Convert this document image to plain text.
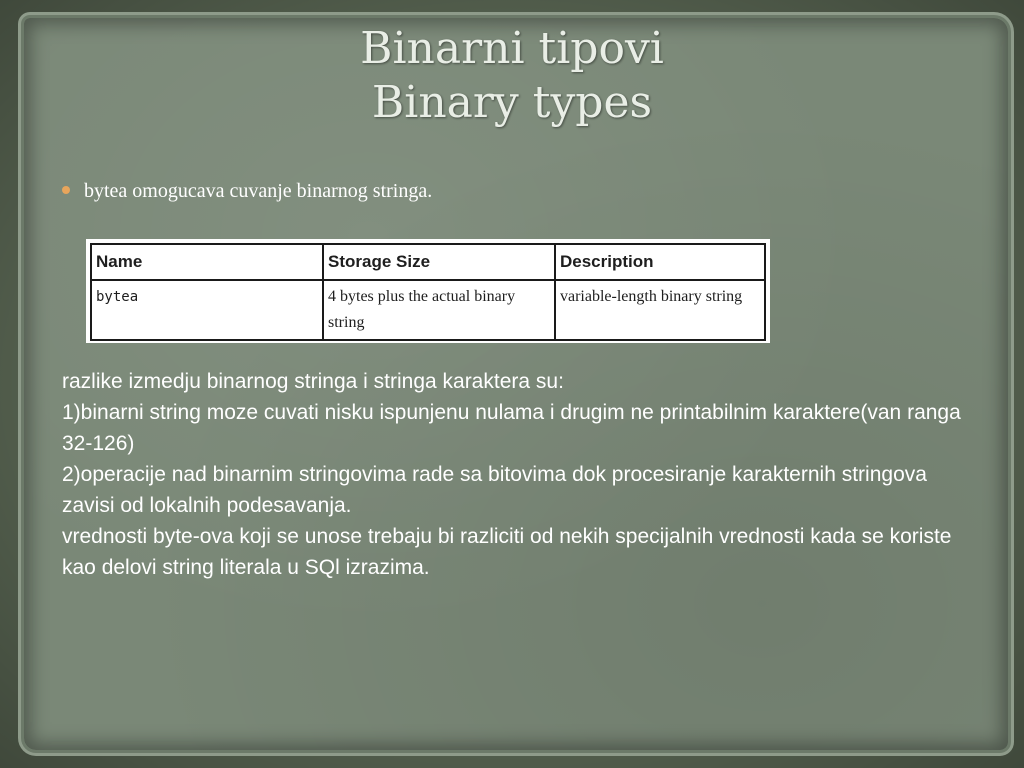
Binarni tipovi
Binary types
bytea omogucava cuvanje binarnog stringa.
Name	Storage Size	Description
bytea	4 bytes plus the actual binary string	variable-length binary string

razlike izmedju binarnog stringa i stringa karaktera su:

1)binarni string moze cuvati nisku ispunjenu nulama i drugim ne printabilnim karaktere(van ranga 32-126)

2)operacije nad binarnim stringovima rade sa bitovima dok procesiranje karakternih stringova zavisi od lokalnih podesavanja.

vrednosti byte-ova koji se unose trebaju bi razliciti od nekih specijalnih vrednosti kada se koriste kao delovi string literala u SQl izrazima.
